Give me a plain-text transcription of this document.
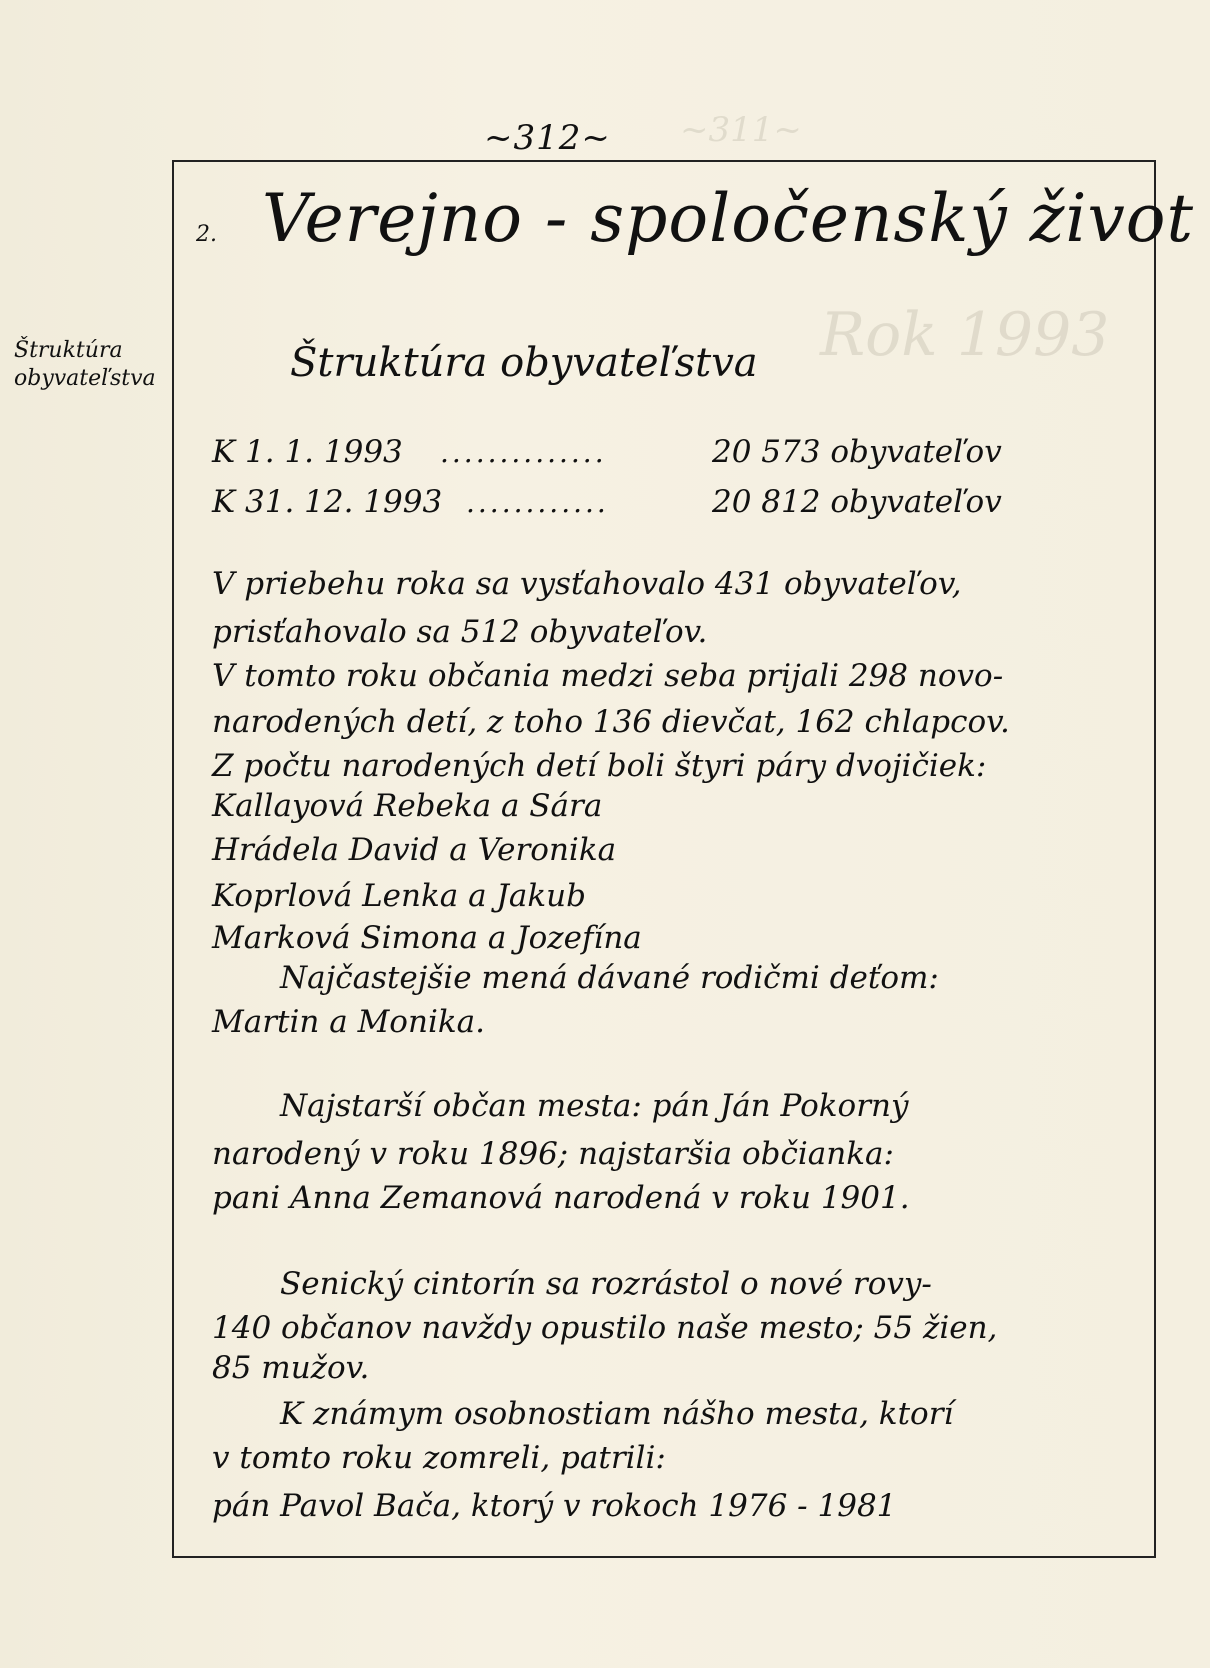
~311~
Rok 1993
~312~
Štruktúra
obyvateľstva
2. Verejno - spoločenský život
Štruktúra obyvateľstva
K 1. 1. 1993 ..............	20 573 obyvateľov
K 31. 12. 1993 ............	20 812 obyvateľov
V priebehu roka sa vysťahovalo 431 obyvateľov,
prisťahovalo sa 512 obyvateľov.
V tomto roku občania medzi seba prijali 298 novo-
narodených detí, z toho 136 dievčat, 162 chlapcov.
Z počtu narodených detí boli štyri páry dvojičiek:
Kallayová Rebeka a Sára
Hrádela David a Veronika
Koprlová Lenka a Jakub
Marková Simona a Jozefína
Najčastejšie mená dávané rodičmi deťom:
Martin a Monika.
Najstarší občan mesta: pán Ján Pokorný
narodený v roku 1896; najstaršia občianka:
pani Anna Zemanová narodená v roku 1901.
Senický cintorín sa rozrástol o nové rovy-
140 občanov navždy opustilo naše mesto; 55 žien,
85 mužov.
K známym osobnostiam nášho mesta, ktorí
v tomto roku zomreli, patrili:
pán Pavol Bača, ktorý v rokoch 1976 - 1981
